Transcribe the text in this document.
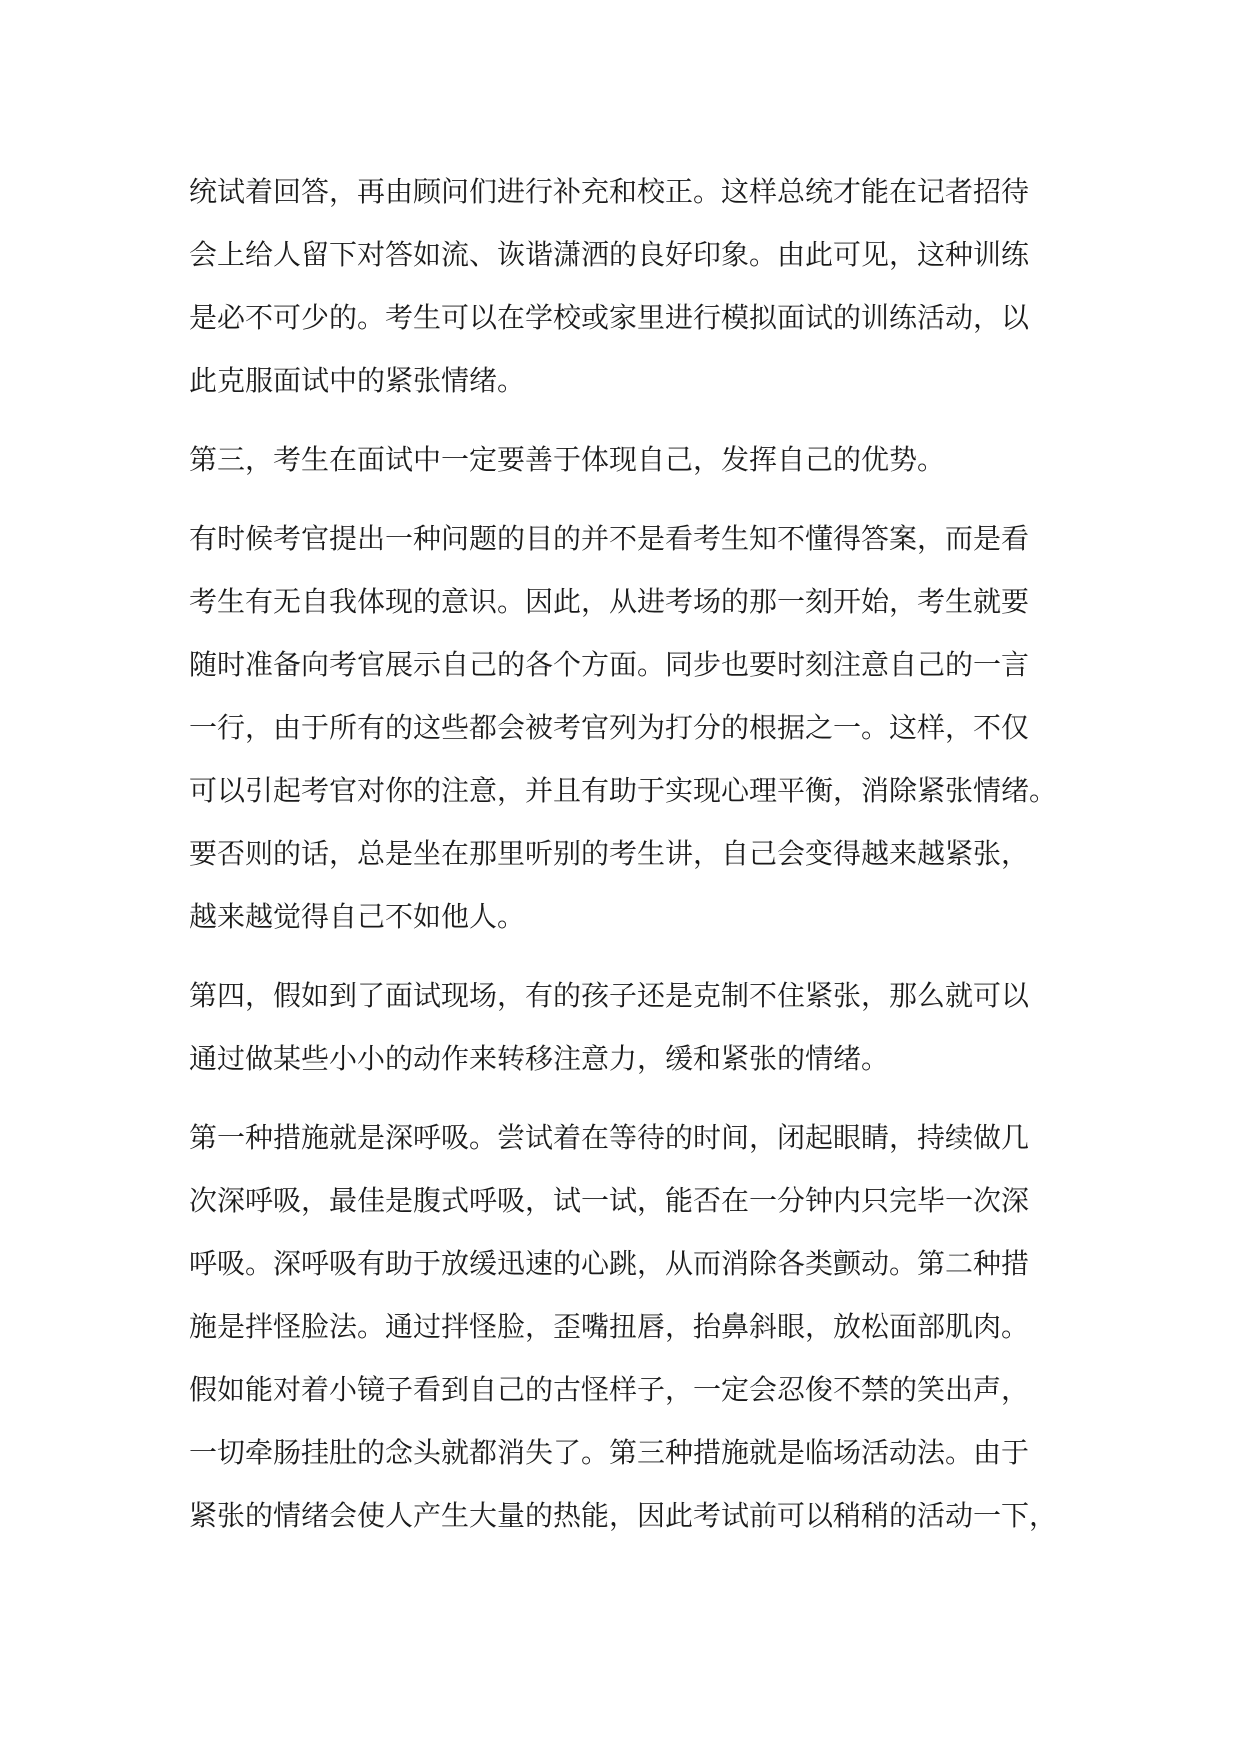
统试着回答，再由顾问们进行补充和校正。这样总统才能在记者招待
会上给人留下对答如流、诙谐潇洒的良好印象。由此可见，这种训练
是必不可少的。考生可以在学校或家里进行模拟面试的训练活动，以
此克服面试中的紧张情绪。
第三，考生在面试中一定要善于体现自己，发挥自己的优势。
有时候考官提出一种问题的目的并不是看考生知不懂得答案，而是看
考生有无自我体现的意识。因此，从进考场的那一刻开始，考生就要
随时准备向考官展示自己的各个方面。同步也要时刻注意自己的一言
一行，由于所有的这些都会被考官列为打分的根据之一。这样，不仅
可以引起考官对你的注意，并且有助于实现心理平衡，消除紧张情绪。
要否则的话，总是坐在那里听别的考生讲，自己会变得越来越紧张，
越来越觉得自己不如他人。
第四，假如到了面试现场，有的孩子还是克制不住紧张，那么就可以
通过做某些小小的动作来转移注意力，缓和紧张的情绪。
第一种措施就是深呼吸。尝试着在等待的时间，闭起眼睛，持续做几
次深呼吸，最佳是腹式呼吸，试一试，能否在一分钟内只完毕一次深
呼吸。深呼吸有助于放缓迅速的心跳，从而消除各类颤动。第二种措
施是拌怪脸法。通过拌怪脸，歪嘴扭唇，抬鼻斜眼，放松面部肌肉。
假如能对着小镜子看到自己的古怪样子，一定会忍俊不禁的笑出声，
一切牵肠挂肚的念头就都消失了。第三种措施就是临场活动法。由于
紧张的情绪会使人产生大量的热能，因此考试前可以稍稍的活动一下，
